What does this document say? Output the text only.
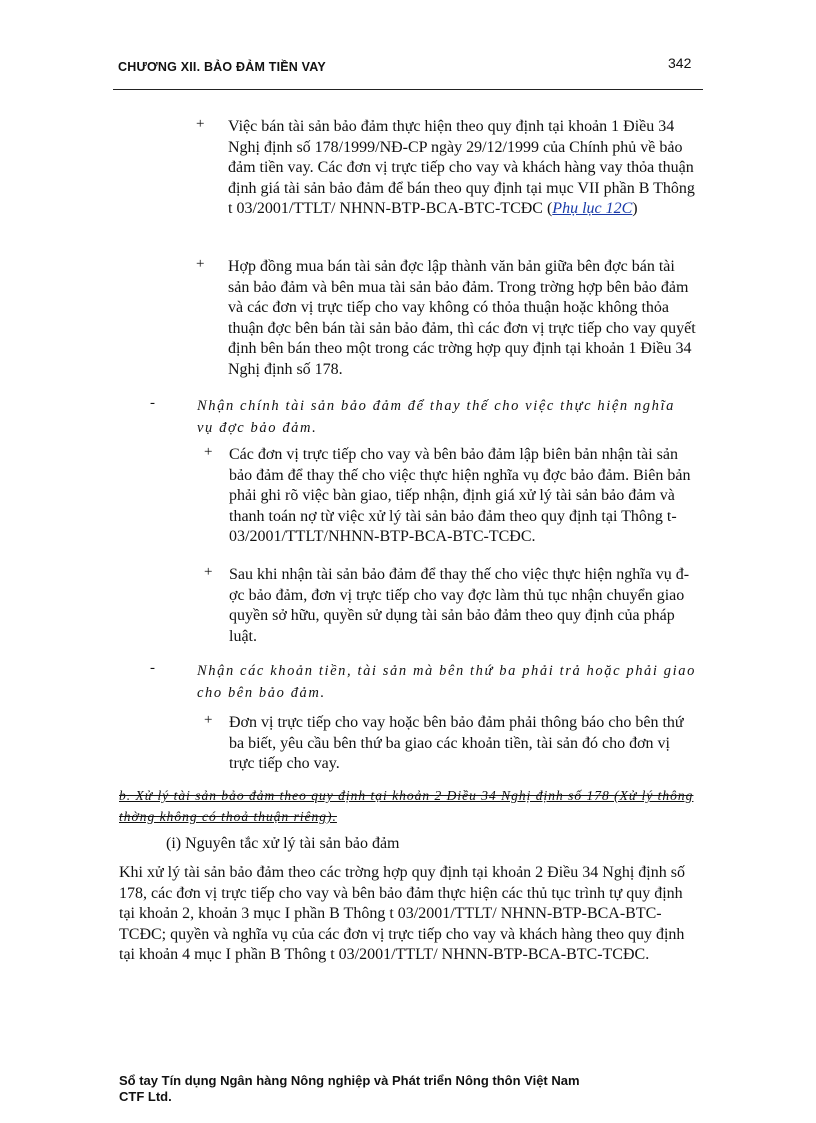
CHƯƠNG XII. BẢO ĐẢM TIỀN VAY	342
+ Việc bán tài sản bảo đảm thực hiện theo quy định tại khoản 1 Điều 34 Nghị định số 178/1999/NĐ-CP ngày 29/12/1999 của Chính phủ về bảo đảm tiền vay. Các đơn vị trực tiếp cho vay và khách hàng vay thỏa thuận định giá tài sản bảo đảm để bán theo quy định tại mục VII phần B Thông t 03/2001/TTLT/ NHNN-BTP-BCA-BTC-TCĐC (Phụ lục 12C)

+ Hợp đồng mua bán tài sản đợc lập thành văn bản giữa bên đợc bán tài sản bảo đảm và bên mua tài sản bảo đảm. Trong trờng hợp bên bảo đảm và các đơn vị trực tiếp cho vay không có thỏa thuận hoặc không thỏa thuận đợc bên bán tài sản bảo đảm, thì các đơn vị trực tiếp cho vay quyết định bên bán theo một trong các trờng hợp quy định tại khoản 1 Điều 34 Nghị định số 178.

-	Nhận chính tài sản bảo đảm để thay thế cho việc thực hiện nghĩa vụ đợc bảo đảm.

+ Các đơn vị trực tiếp cho vay và bên bảo đảm lập biên bản nhận tài sản bảo đảm để thay thế cho việc thực hiện nghĩa vụ đợc bảo đảm. Biên bản phải ghi rõ việc bàn giao, tiếp nhận, định giá xử lý tài sản bảo đảm và thanh toán nợ từ việc xử lý tài sản bảo đảm theo quy định tại Thông t 03/2001/TTLT/NHNN-BTP-BCA-BTC-TCĐC.

+ Sau khi nhận tài sản bảo đảm để thay thế cho việc thực hiện nghĩa vụ đợc bảo đảm, đơn vị trực tiếp cho vay đợc làm thủ tục nhận chuyển giao quyền sở hữu, quyền sử dụng tài sản bảo đảm theo quy định của pháp luật.

-	Nhận các khoản tiền, tài sản mà bên thứ ba phải trả hoặc phải giao cho bên bảo đảm.

+ Đơn vị trực tiếp cho vay hoặc bên bảo đảm phải thông báo cho bên thứ ba biết, yêu cầu bên thứ ba giao các khoản tiền, tài sản đó cho đơn vị trực tiếp cho vay.

b. Xử lý tài sản bảo đảm theo quy định tại khoản 2 Điều 34 Nghị định số 178 (Xử lý thông thờng không có thoả thuận riêng).

(i) Nguyên tắc xử lý tài sản bảo đảm

Khi xử lý tài sản bảo đảm theo các trờng hợp quy định tại khoản 2 Điều 34 Nghị định số 178, các đơn vị trực tiếp cho vay và bên bảo đảm thực hiện các thủ tục trình tự quy định tại khoản 2, khoản 3 mục I phần B Thông t 03/2001/TTLT/ NHNN-BTP-BCA-BTC-TCĐC; quyền và nghĩa vụ của các đơn vị trực tiếp cho vay và khách hàng theo quy định tại khoản 4 mục I phần B Thông t 03/2001/TTLT/ NHNN-BTP-BCA-BTC-TCĐC.

Sổ tay Tín dụng Ngân hàng Nông nghiệp và Phát triển Nông thôn Việt Nam
CTF Ltd.
